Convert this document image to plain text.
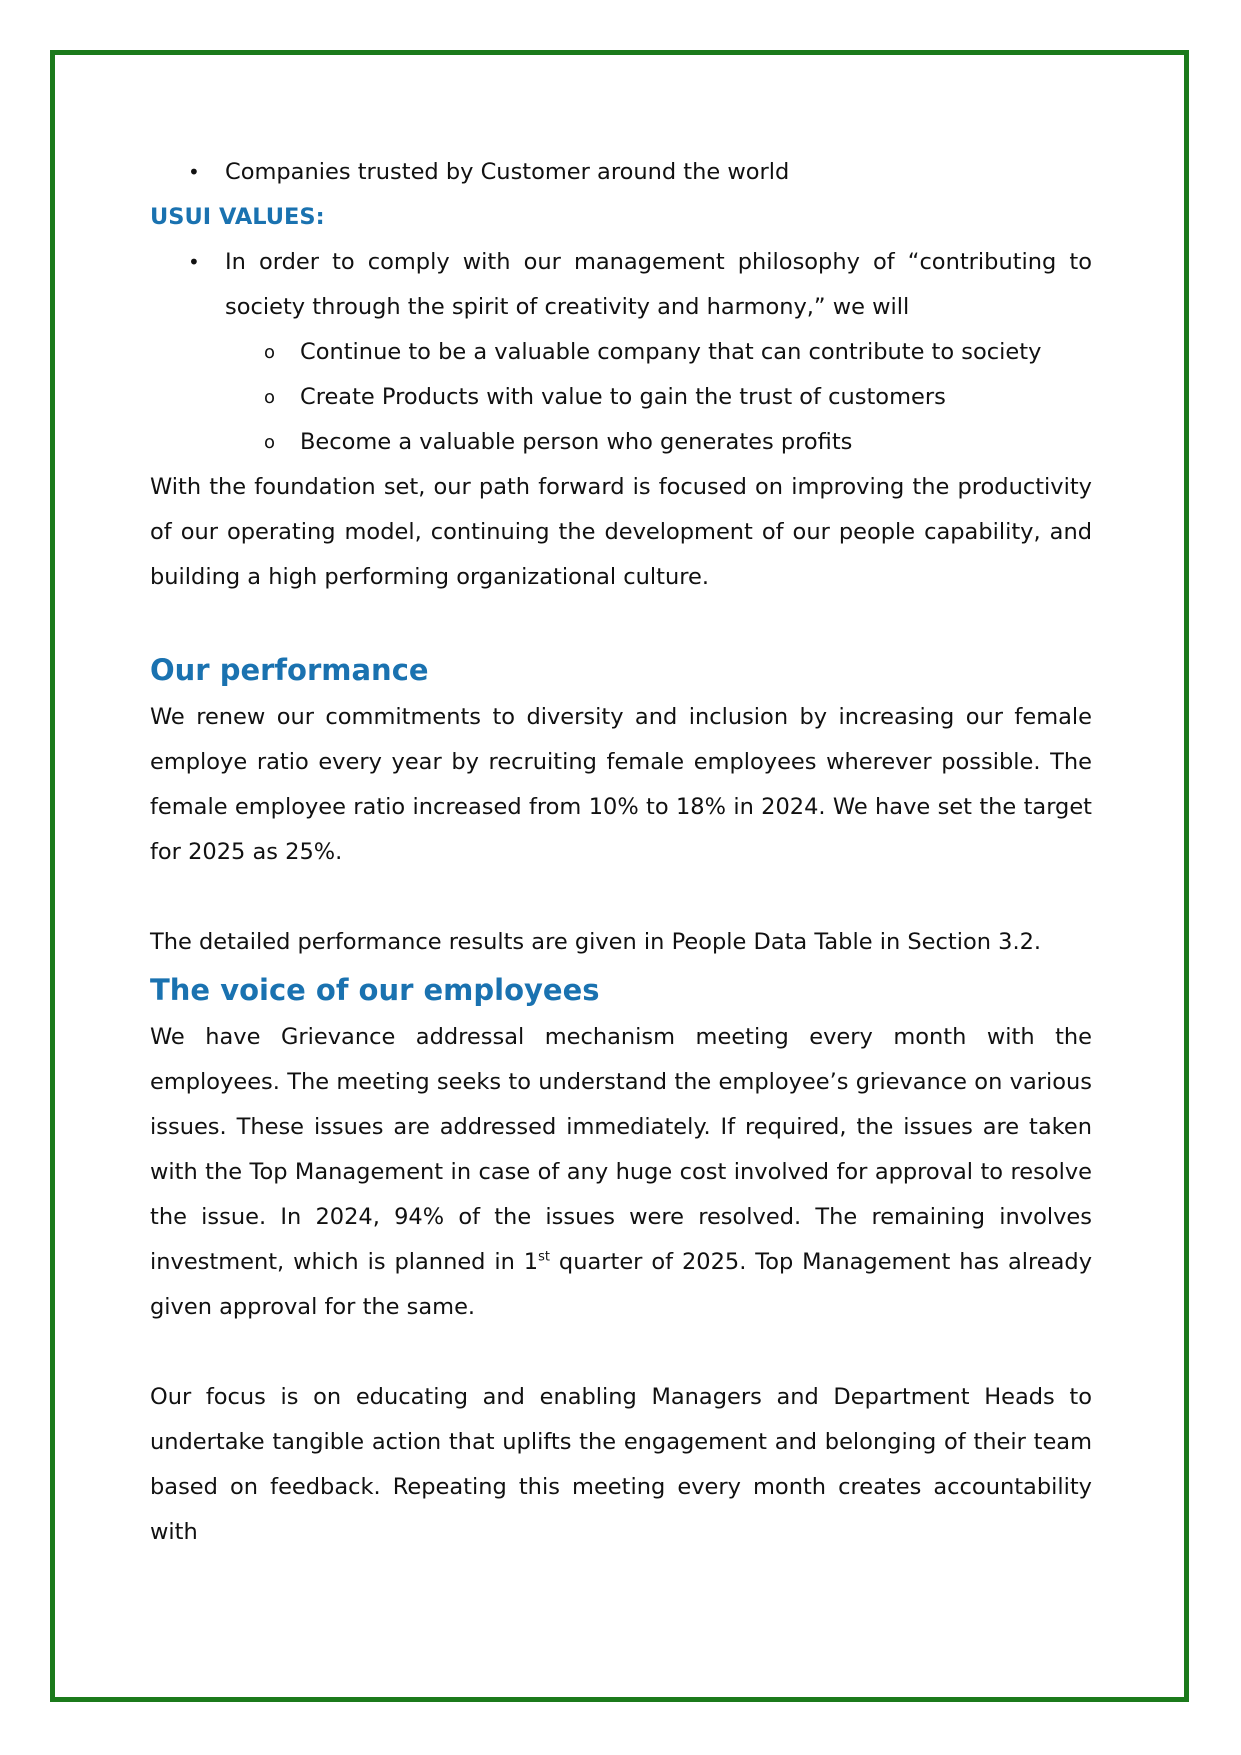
• Companies trusted by Customer around the world

USUI VALUES:

• In order to comply with our management philosophy of “contributing to society through the spirit of creativity and harmony,” we will

o Continue to be a valuable company that can contribute to society

o Create Products with value to gain the trust of customers

o Become a valuable person who generates profits

With the foundation set, our path forward is focused on improving the productivity of our operating model, continuing the development of our people capability, and building a high performing organizational culture.

Our performance

We renew our commitments to diversity and inclusion by increasing our female employe ratio every year by recruiting female employees wherever possible. The female employee ratio increased from 10% to 18% in 2024. We have set the target for 2025 as 25%.

The detailed performance results are given in People Data Table in Section 3.2.

The voice of our employees

We have Grievance addressal mechanism meeting every month with the employees. The meeting seeks to understand the employee’s grievance on various issues. These issues are addressed immediately. If required, the issues are taken with the Top Management in case of any huge cost involved for approval to resolve the issue. In 2024, 94% of the issues were resolved. The remaining involves investment, which is planned in 1st quarter of 2025. Top Management has already given approval for the same.

Our focus is on educating and enabling Managers and Department Heads to undertake tangible action that uplifts the engagement and belonging of their team based on feedback. Repeating this meeting every month creates accountability with
